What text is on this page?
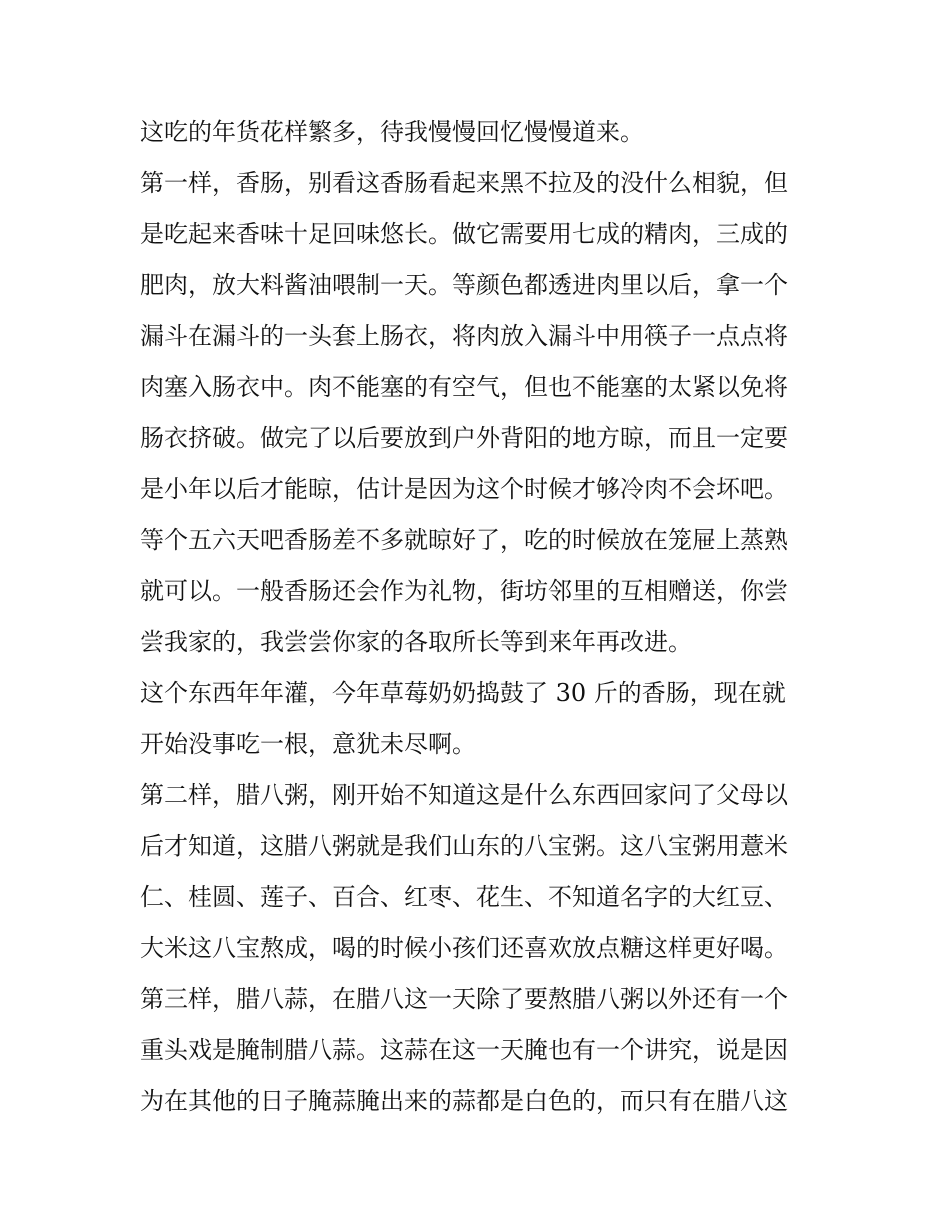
这吃的年货花样繁多，待我慢慢回忆慢慢道来。
第一样，香肠，别看这香肠看起来黑不拉及的没什么相貌，但
是吃起来香味十足回味悠长。做它需要用七成的精肉，三成的
肥肉，放大料酱油喂制一天。等颜色都透进肉里以后，拿一个
漏斗在漏斗的一头套上肠衣，将肉放入漏斗中用筷子一点点将
肉塞入肠衣中。肉不能塞的有空气，但也不能塞的太紧以免将
肠衣挤破。做完了以后要放到户外背阳的地方晾，而且一定要
是小年以后才能晾，估计是因为这个时候才够冷肉不会坏吧。
等个五六天吧香肠差不多就晾好了，吃的时候放在笼屉上蒸熟
就可以。一般香肠还会作为礼物，街坊邻里的互相赠送，你尝
尝我家的，我尝尝你家的各取所长等到来年再改进。
这个东西年年灌，今年草莓奶奶捣鼓了 30 斤的香肠，现在就
开始没事吃一根，意犹未尽啊。
第二样，腊八粥，刚开始不知道这是什么东西回家问了父母以
后才知道，这腊八粥就是我们山东的八宝粥。这八宝粥用薏米
仁、桂圆、莲子、百合、红枣、花生、不知道名字的大红豆、
大米这八宝熬成，喝的时候小孩们还喜欢放点糖这样更好喝。
第三样，腊八蒜，在腊八这一天除了要熬腊八粥以外还有一个
重头戏是腌制腊八蒜。这蒜在这一天腌也有一个讲究，说是因
为在其他的日子腌蒜腌出来的蒜都是白色的，而只有在腊八这
